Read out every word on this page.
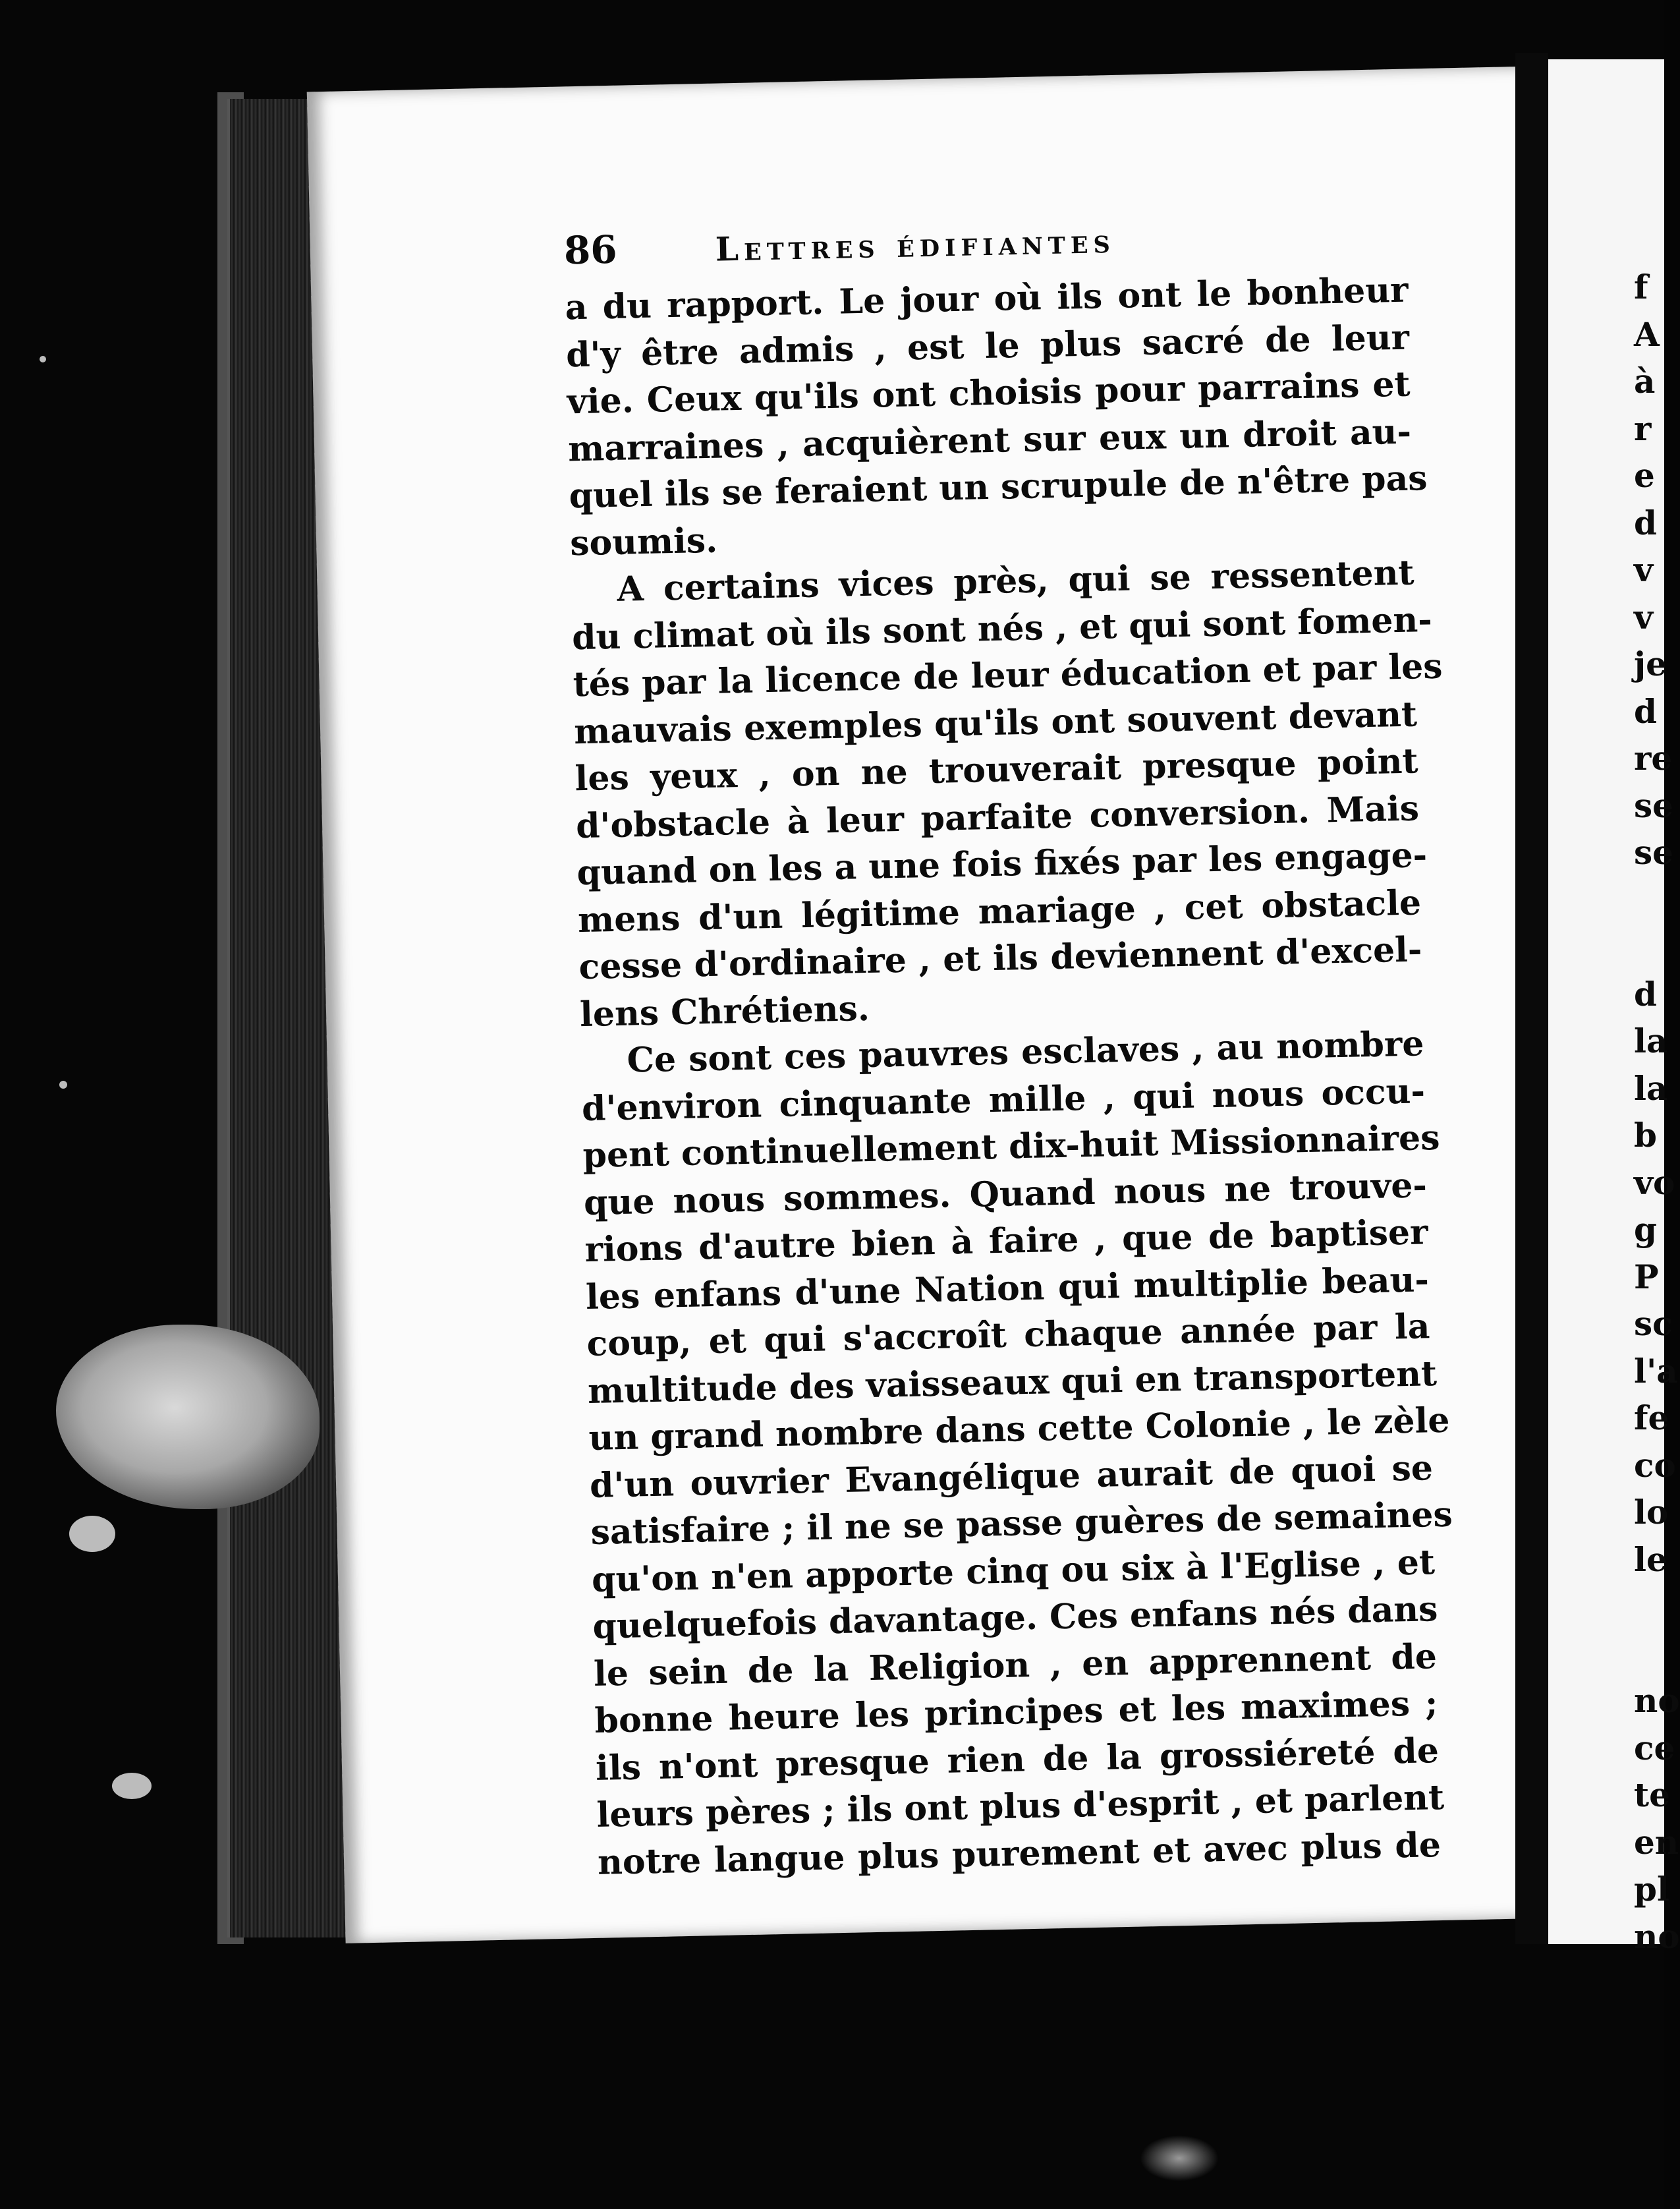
86	Lettres édifiantes
a du rapport. Le jour où ils ont le bonheur
d'y être admis , est le plus sacré de leur
vie. Ceux qu'ils ont choisis pour parrains et
marraines , acquièrent sur eux un droit au-
quel ils se feraient un scrupule de n'être pas
soumis.
A certains vices près, qui se ressentent
du climat où ils sont nés , et qui sont fomen-
tés par la licence de leur éducation et par les
mauvais exemples qu'ils ont souvent devant
les yeux , on ne trouverait presque point
d'obstacle à leur parfaite conversion. Mais
quand on les a une fois fixés par les engage-
mens d'un légitime mariage , cet obstacle
cesse d'ordinaire , et ils deviennent d'excel-
lens Chrétiens.
Ce sont ces pauvres esclaves , au nombre
d'environ cinquante mille , qui nous occu-
pent continuellement dix-huit Missionnaires
que nous sommes. Quand nous ne trouve-
rions d'autre bien à faire , que de baptiser
les enfans d'une Nation qui multiplie beau-
coup, et qui s'accroît chaque année par la
multitude des vaisseaux qui en transportent
un grand nombre dans cette Colonie , le zèle
d'un ouvrier Evangélique aurait de quoi se
satisfaire ; il ne se passe guères de semaines
qu'on n'en apporte cinq ou six à l'Eglise , et
quelquefois davantage. Ces enfans nés dans
le sein de la Religion , en apprennent de
bonne heure les principes et les maximes ;
ils n'ont presque rien de la grossiéreté de
leurs pères ; ils ont plus d'esprit , et parlent
notre langue plus purement et avec plus de
f
A
à
r
e
d
v
v
je
d
re
se
se
d
la
la
b
vo
g
P
sc
l'a
fe
co
lo
le
no
ce
te
en
pl
no
